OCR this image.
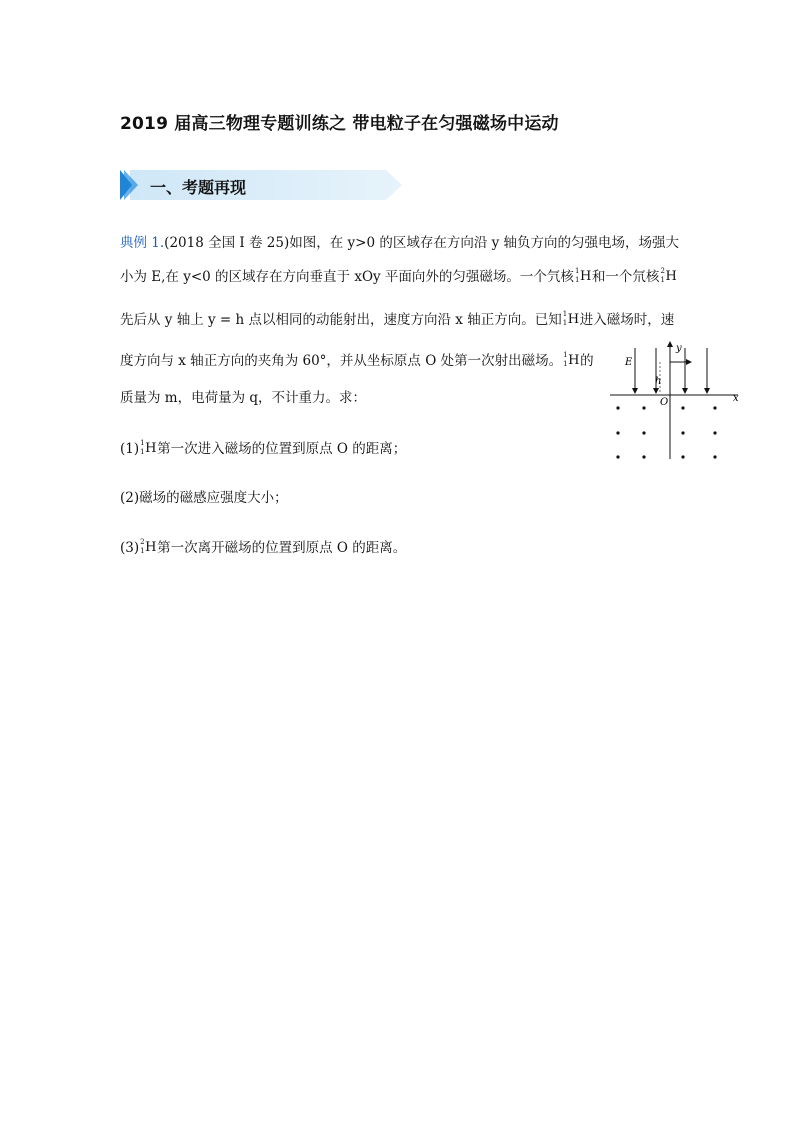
2019 届高三物理专题训练之 带电粒子在匀强磁场中运动
一、考题再现
典例 1.(2018 全国 I 卷 25)如图，在 y>0 的区域存在方向沿 y 轴负方向的匀强电场，场强大
小为 E,在 y<0 的区域存在方向垂直于 xOy 平面向外的匀强磁场。一个氕核 1
1 H 和一个氘核 2
1 H
先后从 y 轴上 y = h 点以相同的动能射出，速度方向沿 x 轴正方向。已知 1
1 H 进入磁场时，速
度方向与 x 轴正方向的夹角为 60°，并从坐标原点 O 处第一次射出磁场。 1
1 H 的
质量为 m，电荷量为 q，不计重力。求：
(1) 1
1 H 第一次进入磁场的位置到原点 O 的距离；
(2)磁场的磁感应强度大小；
(3) 2
1 H 第一次离开磁场的位置到原点 O 的距离。
E
h
O	x
y
